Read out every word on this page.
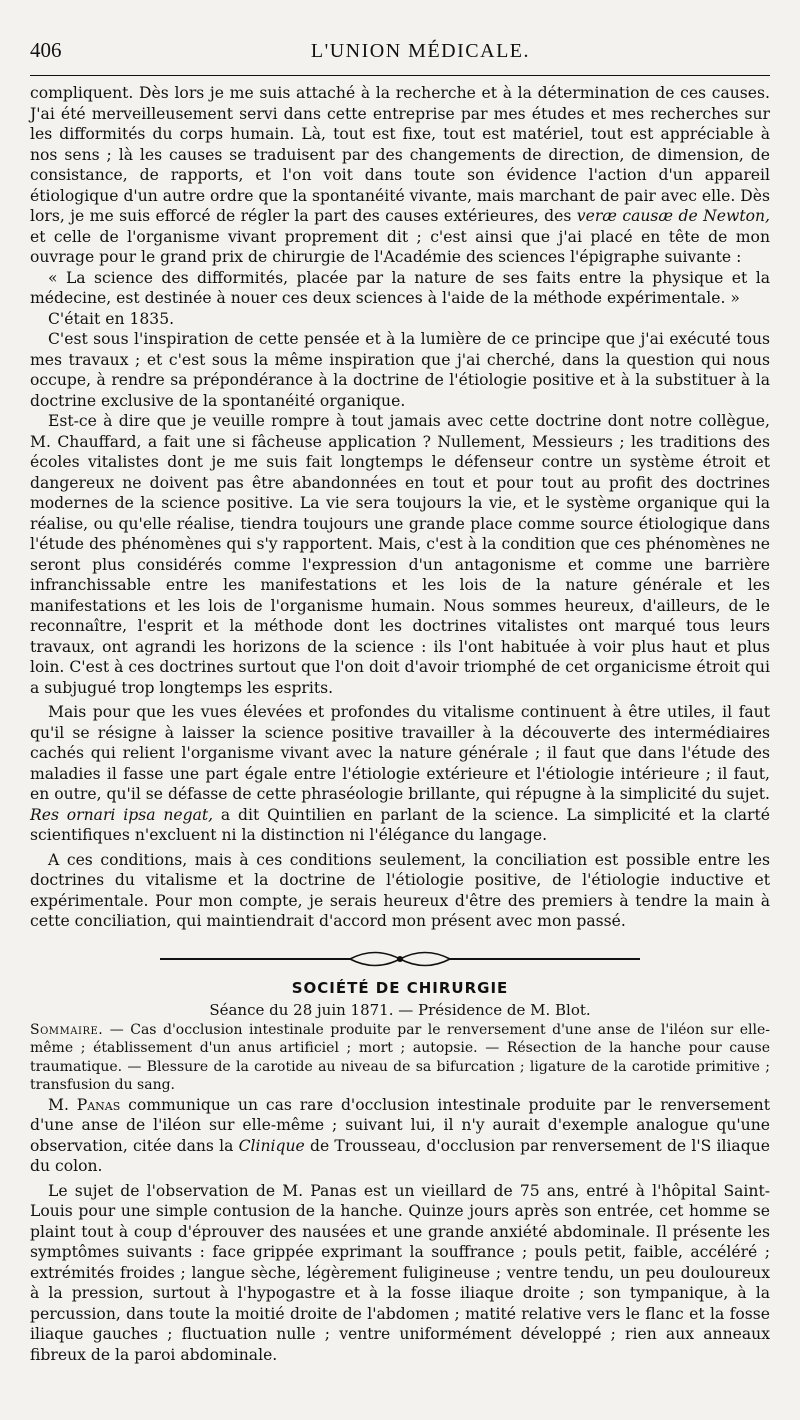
406	L'UNION MÉDICALE.

compliquent. Dès lors je me suis attaché à la recherche et à la détermination de ces causes. J'ai été merveilleusement servi dans cette entreprise par mes études et mes recherches sur les difformités du corps humain. Là, tout est fixe, tout est matériel, tout est appréciable à nos sens ; là les causes se traduisent par des changements de direction, de dimension, de consistance, de rapports, et l'on voit dans toute son évidence l'action d'un appareil étiologique d'un autre ordre que la spontanéité vivante, mais marchant de pair avec elle. Dès lors, je me suis efforcé de régler la part des causes extérieures, des veræ causæ de Newton, et celle de l'organisme vivant proprement dit ; c'est ainsi que j'ai placé en tête de mon ouvrage pour le grand prix de chirurgie de l'Académie des sciences l'épigraphe suivante :

« La science des difformités, placée par la nature de ses faits entre la physique et la médecine, est destinée à nouer ces deux sciences à l'aide de la méthode expérimentale. »

C'était en 1835.

C'est sous l'inspiration de cette pensée et à la lumière de ce principe que j'ai exécuté tous mes travaux ; et c'est sous la même inspiration que j'ai cherché, dans la question qui nous occupe, à rendre sa prépondérance à la doctrine de l'étiologie positive et à la substituer à la doctrine exclusive de la spontanéité organique.

Est-ce à dire que je veuille rompre à tout jamais avec cette doctrine dont notre collègue, M. Chauffard, a fait une si fâcheuse application ? Nullement, Messieurs ; les traditions des écoles vitalistes dont je me suis fait longtemps le défenseur contre un système étroit et dangereux ne doivent pas être abandonnées en tout et pour tout au profit des doctrines modernes de la science positive. La vie sera toujours la vie, et le système organique qui la réalise, ou qu'elle réalise, tiendra toujours une grande place comme source étiologique dans l'étude des phénomènes qui s'y rapportent. Mais, c'est à la condition que ces phénomènes ne seront plus considérés comme l'expression d'un antagonisme et comme une barrière infranchissable entre les manifestations et les lois de la nature générale et les manifestations et les lois de l'organisme humain. Nous sommes heureux, d'ailleurs, de le reconnaître, l'esprit et la méthode dont les doctrines vitalistes ont marqué tous leurs travaux, ont agrandi les horizons de la science : ils l'ont habituée à voir plus haut et plus loin. C'est à ces doctrines surtout que l'on doit d'avoir triomphé de cet organicisme étroit qui a subjugué trop longtemps les esprits.

Mais pour que les vues élevées et profondes du vitalisme continuent à être utiles, il faut qu'il se résigne à laisser la science positive travailler à la découverte des intermédiaires cachés qui relient l'organisme vivant avec la nature générale ; il faut que dans l'étude des maladies il fasse une part égale entre l'étiologie extérieure et l'étiologie intérieure ; il faut, en outre, qu'il se défasse de cette phraséologie brillante, qui répugne à la simplicité du sujet. Res ornari ipsa negat, a dit Quintilien en parlant de la science. La simplicité et la clarté scientifiques n'excluent ni la distinction ni l'élégance du langage.

A ces conditions, mais à ces conditions seulement, la conciliation est possible entre les doctrines du vitalisme et la doctrine de l'étiologie positive, de l'étiologie inductive et expérimentale. Pour mon compte, je serais heureux d'être des premiers à tendre la main à cette conciliation, qui maintiendrait d'accord mon présent avec mon passé.

SOCIÉTÉ DE CHIRURGIE
Séance du 28 juin 1871. — Présidence de M. Blot.

Sommaire. — Cas d'occlusion intestinale produite par le renversement d'une anse de l'iléon sur elle-même ; établissement d'un anus artificiel ; mort ; autopsie. — Résection de la hanche pour cause traumatique. — Blessure de la carotide au niveau de sa bifurcation ; ligature de la carotide primitive ; transfusion du sang.

M. Panas communique un cas rare d'occlusion intestinale produite par le renversement d'une anse de l'iléon sur elle-même ; suivant lui, il n'y aurait d'exemple analogue qu'une observation, citée dans la Clinique de Trousseau, d'occlusion par renversement de l'S iliaque du colon.

Le sujet de l'observation de M. Panas est un vieillard de 75 ans, entré à l'hôpital Saint-Louis pour une simple contusion de la hanche. Quinze jours après son entrée, cet homme se plaint tout à coup d'éprouver des nausées et une grande anxiété abdominale. Il présente les symptômes suivants : face grippée exprimant la souffrance ; pouls petit, faible, accéléré ; extrémités froides ; langue sèche, légèrement fuligineuse ; ventre tendu, un peu douloureux à la pression, surtout à l'hypogastre et à la fosse iliaque droite ; son tympanique, à la percussion, dans toute la moitié droite de l'abdomen ; matité relative vers le flanc et la fosse iliaque gauches ; fluctuation nulle ; ventre uniformément développé ; rien aux anneaux fibreux de la paroi abdominale.
